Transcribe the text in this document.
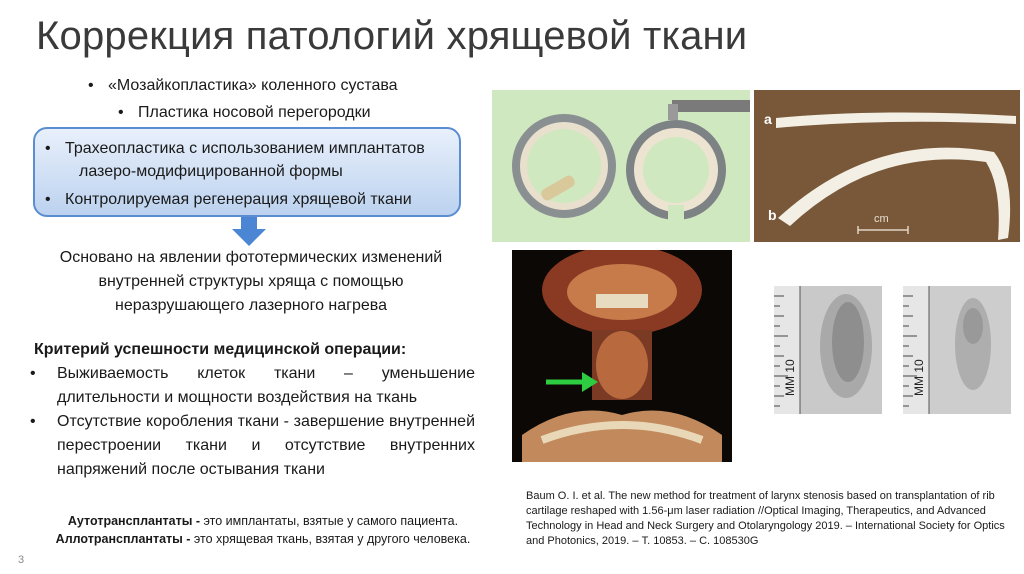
Коррекция патологий хрящевой ткани
• «Мозайкопластика» коленного сустава
• Пластика носовой перегородки
• Трахеопластика с использованием имплантатов
лазеро-модифицированной формы
• Контролируемая регенерация хрящевой ткани
Основано на явлении фототермических изменений
внутренней структуры хряща с помощью
неразрушающего лазерного нагрева
Критерий успешности медицинской операции:
• Выживаемость клеток ткани – уменьшение длительности и мощности воздействия на ткань
• Отсутствие коробления ткани - завершение внутренней перестроении ткани и отсутствие внутренних напряжений после остывания ткани
Аутотрансплантаты - это имплантаты, взятые у самого пациента.
Аллотрансплантаты - это хрящевая ткань, взятая у другого человека.
3
Baum O. I. et al. The new method for treatment of larynx stenosis based on transplantation of rib cartilage reshaped with 1.56-μm laser radiation //Optical Imaging, Therapeutics, and Advanced Technology in Head and Neck Surgery and Otolaryngology 2019. – International Society for Optics and Photonics, 2019. – Т. 10853. – С. 108530G
a
b	cm
MM 10	MM 10
